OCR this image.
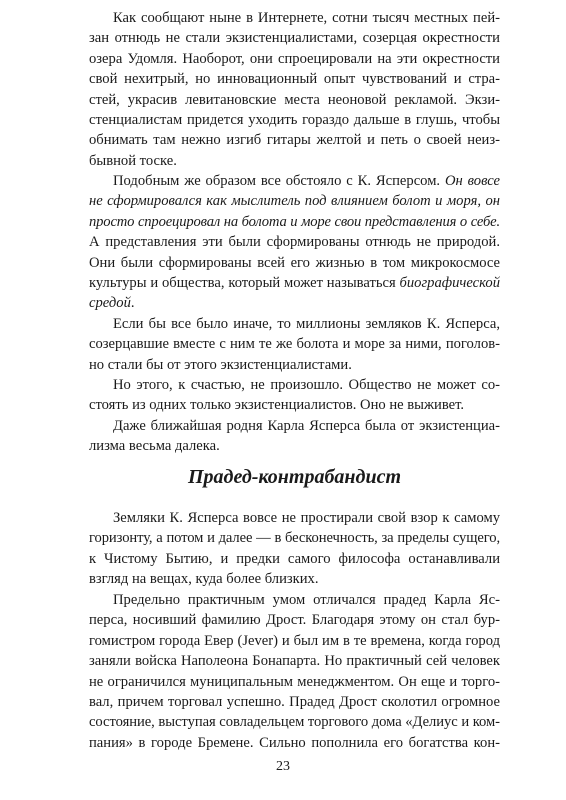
Как сообщают ныне в Интернете, сотни тысяч местных пей-
зан отнюдь не стали экзистенциалистами, созерцая окрестности
озера Удомля. Наоборот, они спроецировали на эти окрестности
свой нехитрый, но инновационный опыт чувствований и стра-
стей, украсив левитановские места неоновой рекламой. Экзи-
стенциалистам придется уходить гораздо дальше в глушь, чтобы
обнимать там нежно изгиб гитары желтой и петь о своей неиз-
бывной тоске.
Подобным же образом все обстояло с К. Ясперсом. Он вовсе
не сформировался как мыслитель под влиянием болот и моря, он
просто спроецировал на болота и море свои представления о себе.
А представления эти были сформированы отнюдь не природой.
Они были сформированы всей его жизнью в том микрокосмосе
культуры и общества, который может называться биографической
средой.
Если бы все было иначе, то миллионы земляков К. Ясперса,
созерцавшие вместе с ним те же болота и море за ними, поголов-
но стали бы от этого экзистенциалистами.
Но этого, к счастью, не произошло. Общество не может со-
стоять из одних только экзистенциалистов. Оно не выживет.
Даже ближайшая родня Карла Ясперса была от экзистенциа-
лизма весьма далека.
Прадед-контрабандист
Земляки К. Ясперса вовсе не простирали свой взор к самому
горизонту, а потом и далее — в бесконечность, за пределы сущего,
к Чистому Бытию, и предки самого философа останавливали
взгляд на вещах, куда более близких.
Предельно практичным умом отличался прадед Карла Яс-
перса, носивший фамилию Дрост. Благодаря этому он стал бур-
гомистром города Евер (Jever) и был им в те времена, когда город
заняли войска Наполеона Бонапарта. Но практичный сей человек
не ограничился муниципальным менеджментом. Он еще и торго-
вал, причем торговал успешно. Прадед Дрост сколотил огромное
состояние, выступая совладельцем торгового дома «Делиус и ком-
пания» в городе Бремене. Сильно пополнила его богатства кон-
23
